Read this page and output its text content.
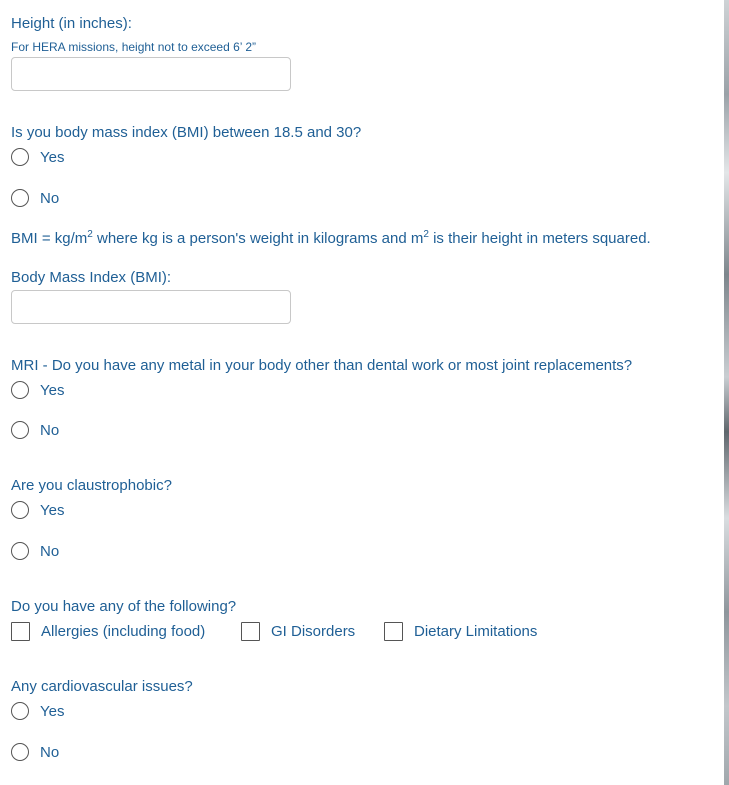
Height (in inches):
For HERA missions, height not to exceed 6’ 2”
Is you body mass index (BMI) between 18.5 and 30?
Yes
No
BMI = $kg/m^2$ where kg is a person's weight in kilograms and $m^2$ is their height in meters squared.
Body Mass Index (BMI):
MRI - Do you have any metal in your body other than dental work or most joint replacements?
Yes
No
Are you claustrophobic?
Yes
No
Do you have any of the following?
Allergies (including food)	GI Disorders	Dietary Limitations
Any cardiovascular issues?
Yes
No
